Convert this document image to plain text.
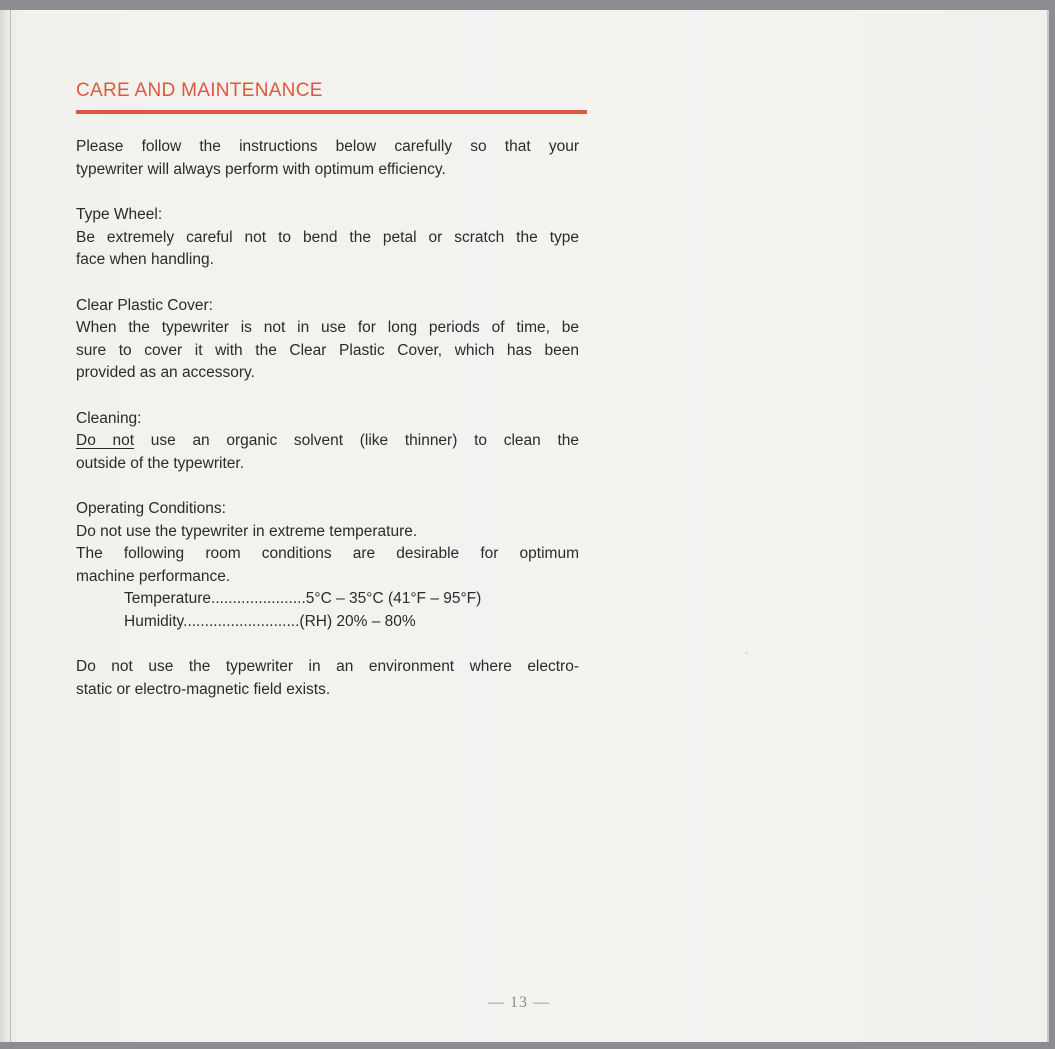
CARE AND MAINTENANCE
Please follow the instructions below carefully so that your
typewriter will always perform with optimum efficiency.
Type Wheel:
Be extremely careful not to bend the petal or scratch the type
face when handling.
Clear Plastic Cover:
When the typewriter is not in use for long periods of time, be
sure to cover it with the Clear Plastic Cover, which has been
provided as an accessory.
Cleaning:
Do not use an organic solvent (like thinner) to clean the
outside of the typewriter.
Operating Conditions:
Do not use the typewriter in extreme temperature.
The following room conditions are desirable for optimum
machine performance.
Temperature......................5°C – 35°C (41°F – 95°F)
Humidity...........................(RH) 20% – 80%
Do not use the typewriter in an environment where electro-
static or electro-magnetic field exists.
— 13 —
